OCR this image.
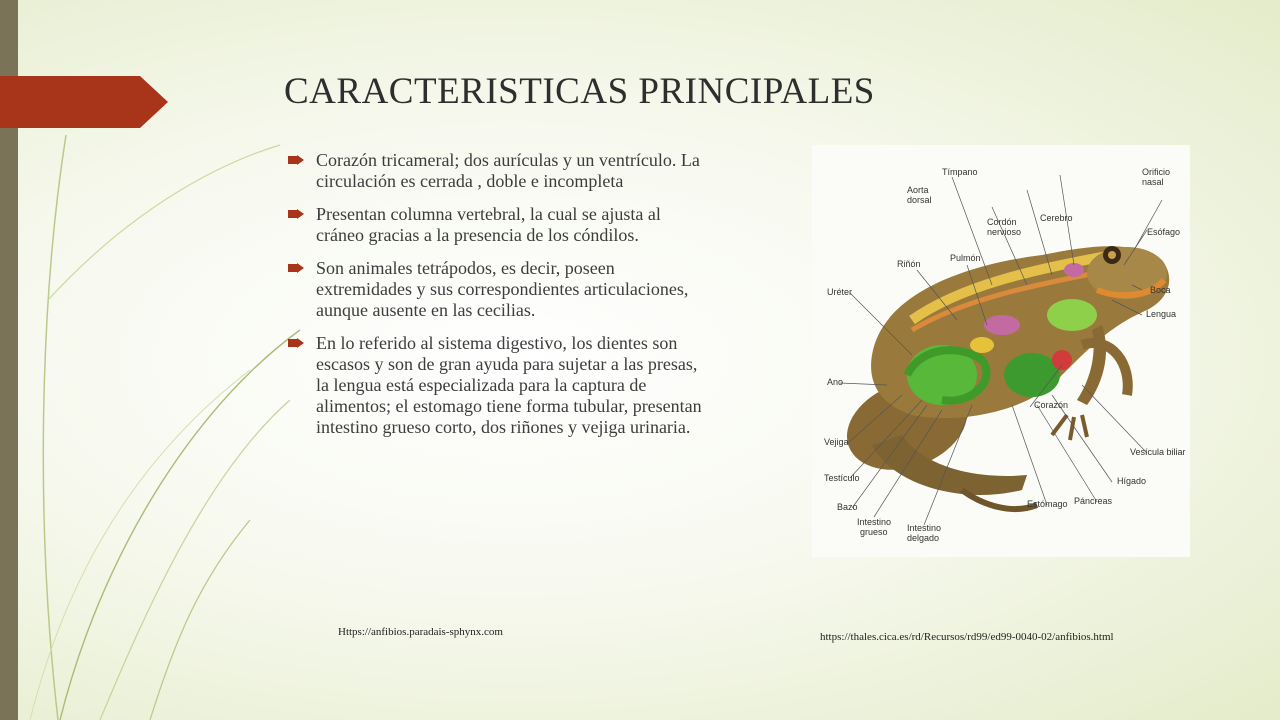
CARACTERISTICAS PRINCIPALES
Corazón tricameral; dos aurículas y un ventrículo. La circulación es cerrada , doble e incompleta
Presentan columna vertebral, la cual se ajusta al cráneo gracias a la presencia de los cóndilos.
Son animales tetrápodos, es decir, poseen extremidades y sus correspondientes articulaciones, aunque ausente en las cecilias.
En lo referido al sistema digestivo, los dientes son escasos y son de gran ayuda para sujetar a las presas, la lengua está especializada para la captura de alimentos; el estomago tiene forma tubular, presentan intestino grueso corto, dos riñones y vejiga urinaria.
Tímpano	Orificio
nasal
Aorta
dorsal
Cerebro
Cordón
nervioso	Esófago
Riñón
Pulmón
Boca
Uréter
Lengua
Ano
Corazón
Vejiga
Vesícula biliar
Testículo	Hígado
Bazo
Páncreas
Intestino
grueso
Estómago
Intestino
delgado
Https://anfibios.paradais-sphynx.com	https://thales.cica.es/rd/Recursos/rd99/ed99-0040-02/anfibios.html
